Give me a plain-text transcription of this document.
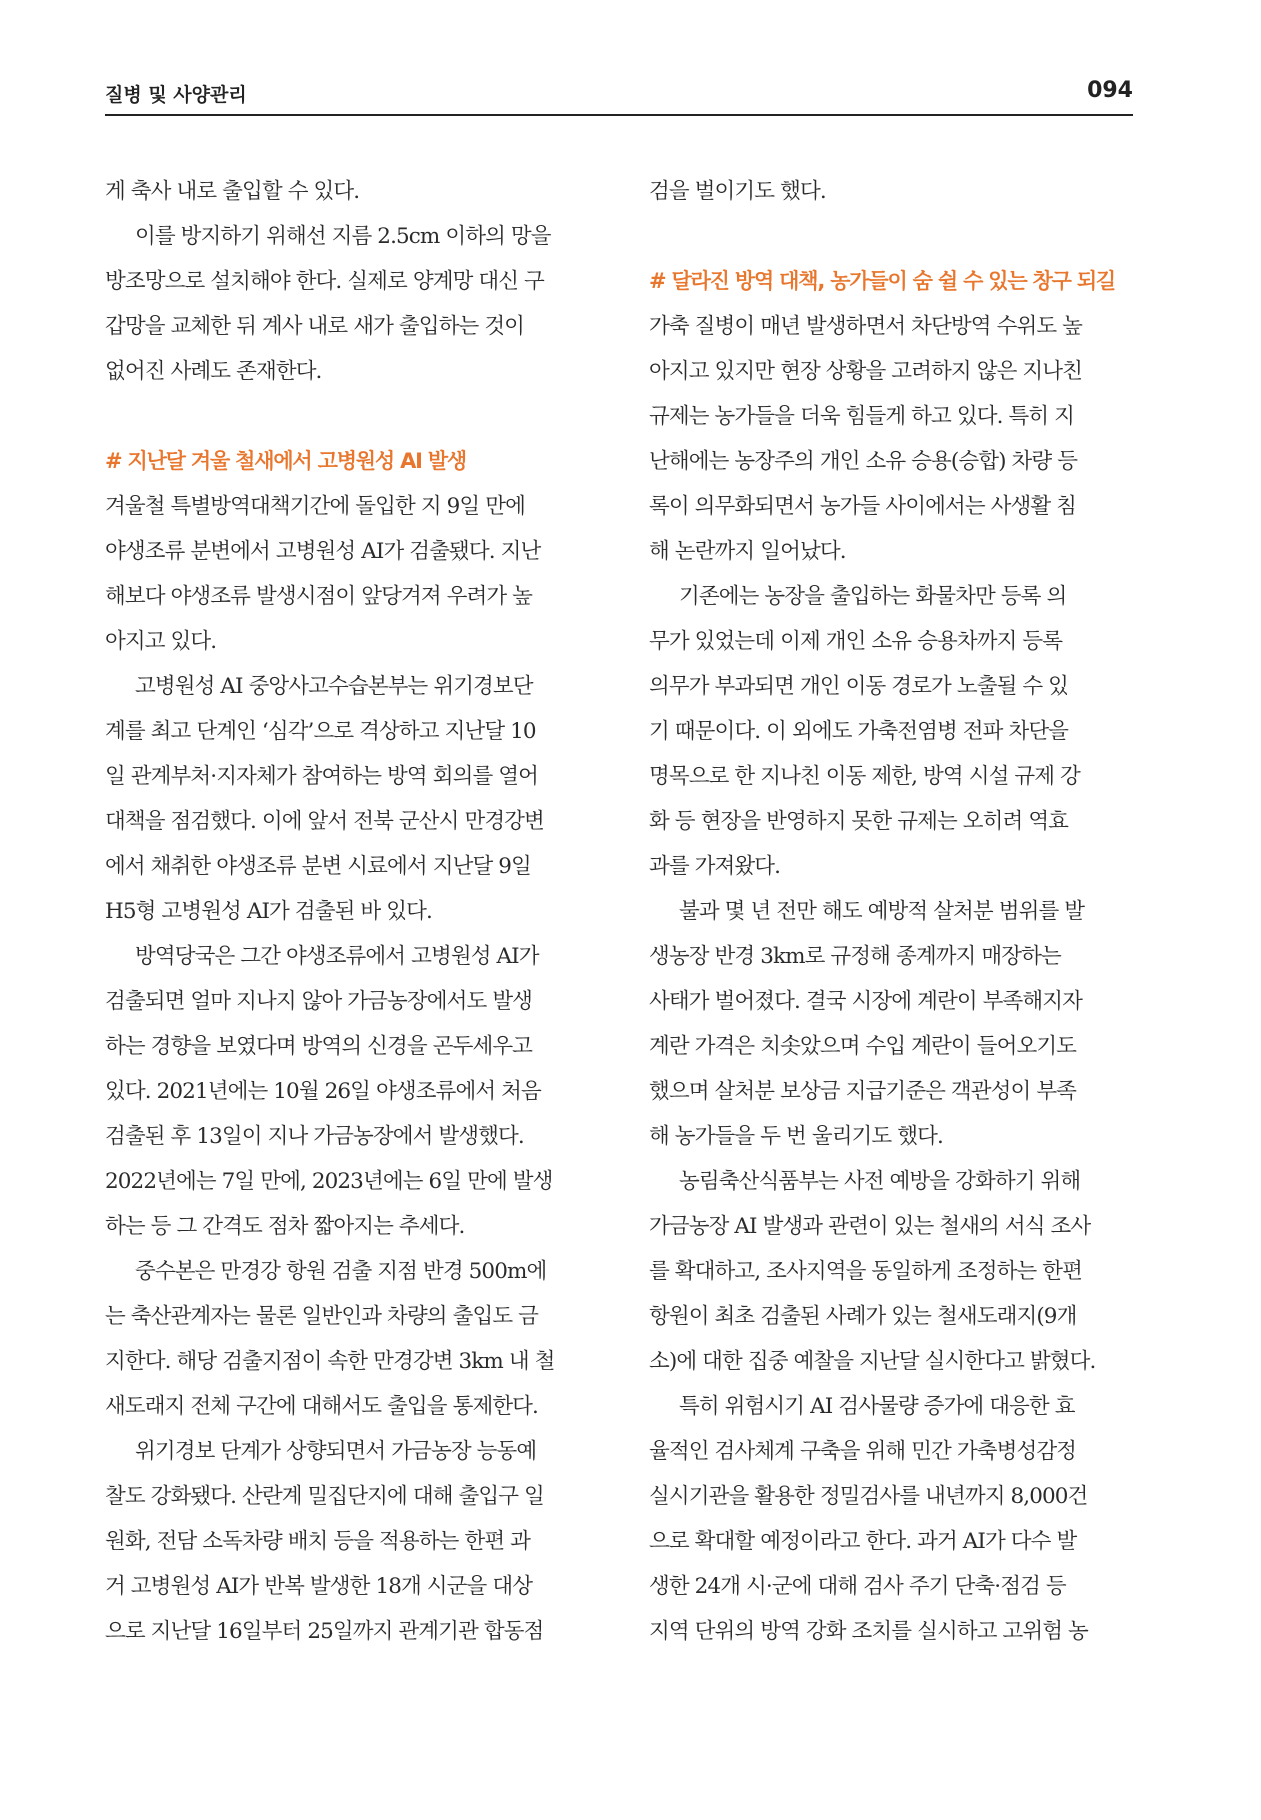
질병 및 사양관리	094
게 축사 내로 출입할 수 있다.
이를 방지하기 위해선 지름 2.5cm 이하의 망을
방조망으로 설치해야 한다. 실제로 양계망 대신 구
갑망을 교체한 뒤 계사 내로 새가 출입하는 것이
없어진 사례도 존재한다.
# 지난달 겨울 철새에서 고병원성 AI 발생
겨울철 특별방역대책기간에 돌입한 지 9일 만에
야생조류 분변에서 고병원성 AI가 검출됐다. 지난
해보다 야생조류 발생시점이 앞당겨져 우려가 높
아지고 있다.
고병원성 AI 중앙사고수습본부는 위기경보단
계를 최고 단계인 ‘심각’으로 격상하고 지난달 10
일 관계부처·지자체가 참여하는 방역 회의를 열어
대책을 점검했다. 이에 앞서 전북 군산시 만경강변
에서 채취한 야생조류 분변 시료에서 지난달 9일
H5형 고병원성 AI가 검출된 바 있다.
방역당국은 그간 야생조류에서 고병원성 AI가
검출되면 얼마 지나지 않아 가금농장에서도 발생
하는 경향을 보였다며 방역의 신경을 곤두세우고
있다. 2021년에는 10월 26일 야생조류에서 처음
검출된 후 13일이 지나 가금농장에서 발생했다.
2022년에는 7일 만에, 2023년에는 6일 만에 발생
하는 등 그 간격도 점차 짧아지는 추세다.
중수본은 만경강 항원 검출 지점 반경 500m에
는 축산관계자는 물론 일반인과 차량의 출입도 금
지한다. 해당 검출지점이 속한 만경강변 3km 내 철
새도래지 전체 구간에 대해서도 출입을 통제한다.
위기경보 단계가 상향되면서 가금농장 능동예
찰도 강화됐다. 산란계 밀집단지에 대해 출입구 일
원화, 전담 소독차량 배치 등을 적용하는 한편 과
거 고병원성 AI가 반복 발생한 18개 시군을 대상
으로 지난달 16일부터 25일까지 관계기관 합동점
검을 벌이기도 했다.
# 달라진 방역 대책, 농가들이 숨 쉴 수 있는 창구 되길
가축 질병이 매년 발생하면서 차단방역 수위도 높
아지고 있지만 현장 상황을 고려하지 않은 지나친
규제는 농가들을 더욱 힘들게 하고 있다. 특히 지
난해에는 농장주의 개인 소유 승용(승합) 차량 등
록이 의무화되면서 농가들 사이에서는 사생활 침
해 논란까지 일어났다.
기존에는 농장을 출입하는 화물차만 등록 의
무가 있었는데 이제 개인 소유 승용차까지 등록
의무가 부과되면 개인 이동 경로가 노출될 수 있
기 때문이다. 이 외에도 가축전염병 전파 차단을
명목으로 한 지나친 이동 제한, 방역 시설 규제 강
화 등 현장을 반영하지 못한 규제는 오히려 역효
과를 가져왔다.
불과 몇 년 전만 해도 예방적 살처분 범위를 발
생농장 반경 3km로 규정해 종계까지 매장하는
사태가 벌어졌다. 결국 시장에 계란이 부족해지자
계란 가격은 치솟았으며 수입 계란이 들어오기도
했으며 살처분 보상금 지급기준은 객관성이 부족
해 농가들을 두 번 울리기도 했다.
농림축산식품부는 사전 예방을 강화하기 위해
가금농장 AI 발생과 관련이 있는 철새의 서식 조사
를 확대하고, 조사지역을 동일하게 조정하는 한편
항원이 최초 검출된 사례가 있는 철새도래지(9개
소)에 대한 집중 예찰을 지난달 실시한다고 밝혔다.
특히 위험시기 AI 검사물량 증가에 대응한 효
율적인 검사체계 구축을 위해 민간 가축병성감정
실시기관을 활용한 정밀검사를 내년까지 8,000건
으로 확대할 예정이라고 한다. 과거 AI가 다수 발
생한 24개 시·군에 대해 검사 주기 단축·점검 등
지역 단위의 방역 강화 조치를 실시하고 고위험 농
